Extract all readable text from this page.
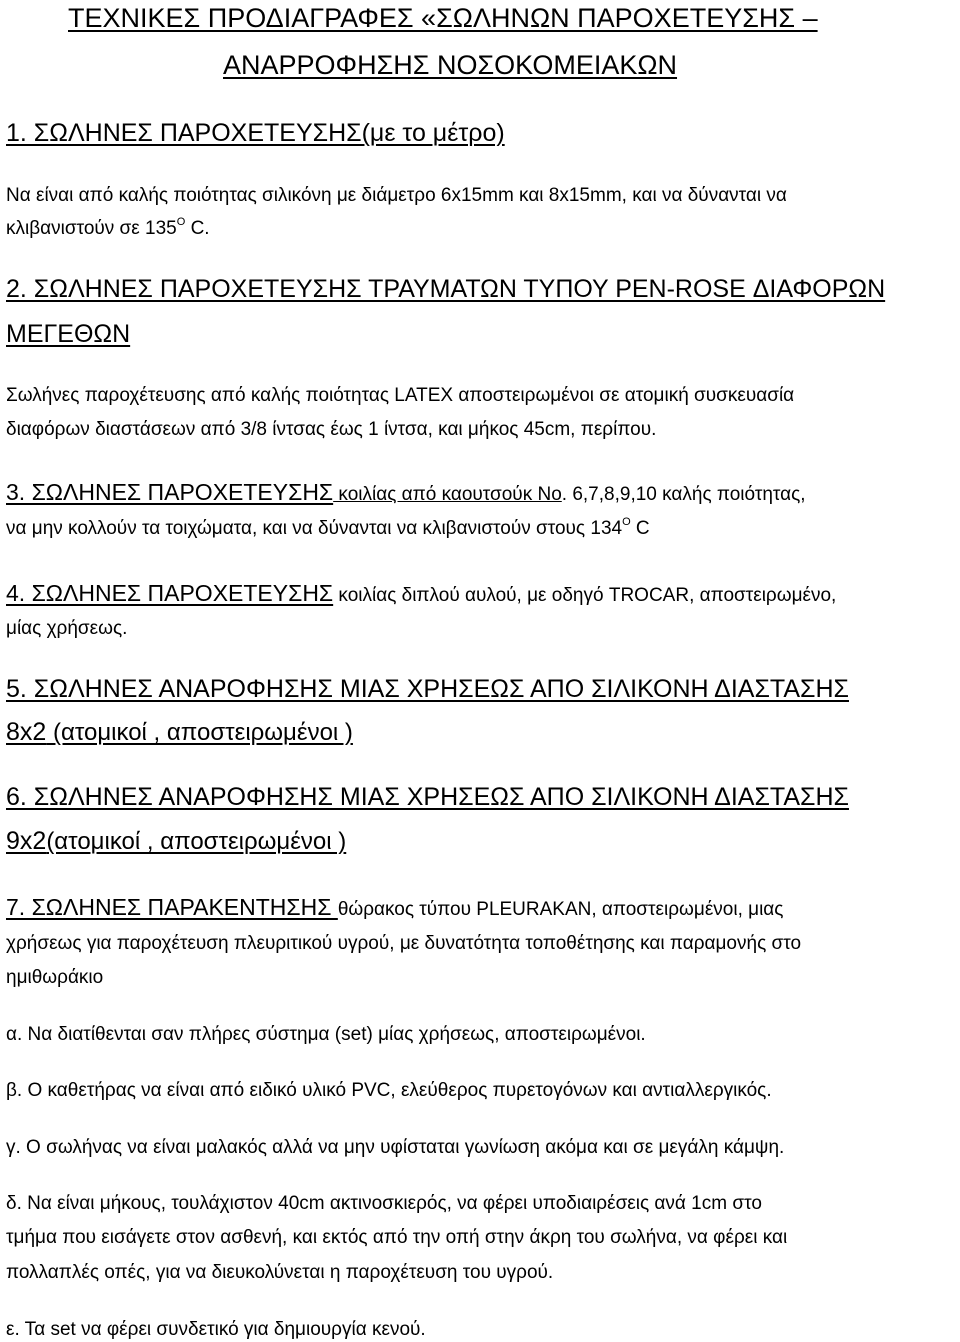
ΤΕΧΝΙΚΕΣ ΠΡΟΔΙΑΓΡΑΦΕΣ «ΣΩΛΗΝΩΝ ΠΑΡΟΧΕΤΕΥΣΗΣ –
ΑΝΑΡΡΟΦΗΣΗΣ ΝΟΣΟΚΟΜΕΙΑΚΩΝ
1. ΣΩΛΗΝΕΣ ΠΑΡΟΧΕΤΕΥΣΗΣ(με το μέτρο)
Να είναι από καλής ποιότητας σιλικόνη με διάμετρο 6x15mm και 8x15mm, και να δύνανται να
κλιβανιστούν σε $135^O$ C.
2. ΣΩΛΗΝΕΣ ΠΑΡΟΧΕΤΕΥΣΗΣ ΤΡΑΥΜΑΤΩΝ ΤΥΠΟΥ PEN-ROSE ΔΙΑΦΟΡΩΝ
ΜΕΓΕΘΩΝ
Σωλήνες παροχέτευσης από καλής ποιότητας LATEX αποστειρωμένοι σε ατομική συσκευασία
διαφόρων διαστάσεων από 3/8 ίντσας έως 1 ίντσα, και μήκος 45cm, περίπου.
3. ΣΩΛΗΝΕΣ ΠΑΡΟΧΕΤΕΥΣΗΣ κοιλίας από καουτσούκ No. 6,7,8,9,10 καλής ποιότητας,
να μην κολλούν τα τοιχώματα, και να δύνανται να κλιβανιστούν στους $134^O$ C
4. ΣΩΛΗΝΕΣ ΠΑΡΟΧΕΤΕΥΣΗΣ κοιλίας διπλού αυλού, με οδηγό TROCAR, αποστειρωμένο,
μίας χρήσεως.
5. ΣΩΛΗΝΕΣ ΑΝΑΡΟΦΗΣΗΣ ΜΙΑΣ ΧΡΗΣΕΩΣ ΑΠΟ ΣΙΛΙΚΟΝΗ ΔΙΑΣΤΑΣΗΣ
8x2 (ατομικοί , αποστειρωμένοι )
6. ΣΩΛΗΝΕΣ ΑΝΑΡΟΦΗΣΗΣ ΜΙΑΣ ΧΡΗΣΕΩΣ ΑΠΟ ΣΙΛΙΚΟΝΗ ΔΙΑΣΤΑΣΗΣ
9x2(ατομικοί , αποστειρωμένοι )
7. ΣΩΛΗΝΕΣ ΠΑΡΑΚΕΝΤΗΣΗΣ θώρακος τύπου PLEURAKAN, αποστειρωμένοι, μιας
χρήσεως για παροχέτευση πλευριτικού υγρού, με δυνατότητα τοποθέτησης και παραμονής στο
ημιθωράκιο
α. Να διατίθενται σαν πλήρες σύστημα (set) μίας χρήσεως, αποστειρωμένοι.
β. Ο καθετήρας να είναι από ειδικό υλικό PVC, ελεύθερος πυρετογόνων και αντιαλλεργικός.
γ. Ο σωλήνας να είναι μαλακός αλλά να μην υφίσταται γωνίωση ακόμα και σε μεγάλη κάμψη.
δ. Να είναι μήκους, τουλάχιστον 40cm ακτινοσκιερός, να φέρει υποδιαιρέσεις ανά 1cm στο
τμήμα που εισάγετε στον ασθενή, και εκτός από την οπή στην άκρη του σωλήνα, να φέρει και
πολλαπλές οπές, για να διευκολύνεται η παροχέτευση του υγρού.
ε. Τα set να φέρει συνδετικό για δημιουργία κενού.
